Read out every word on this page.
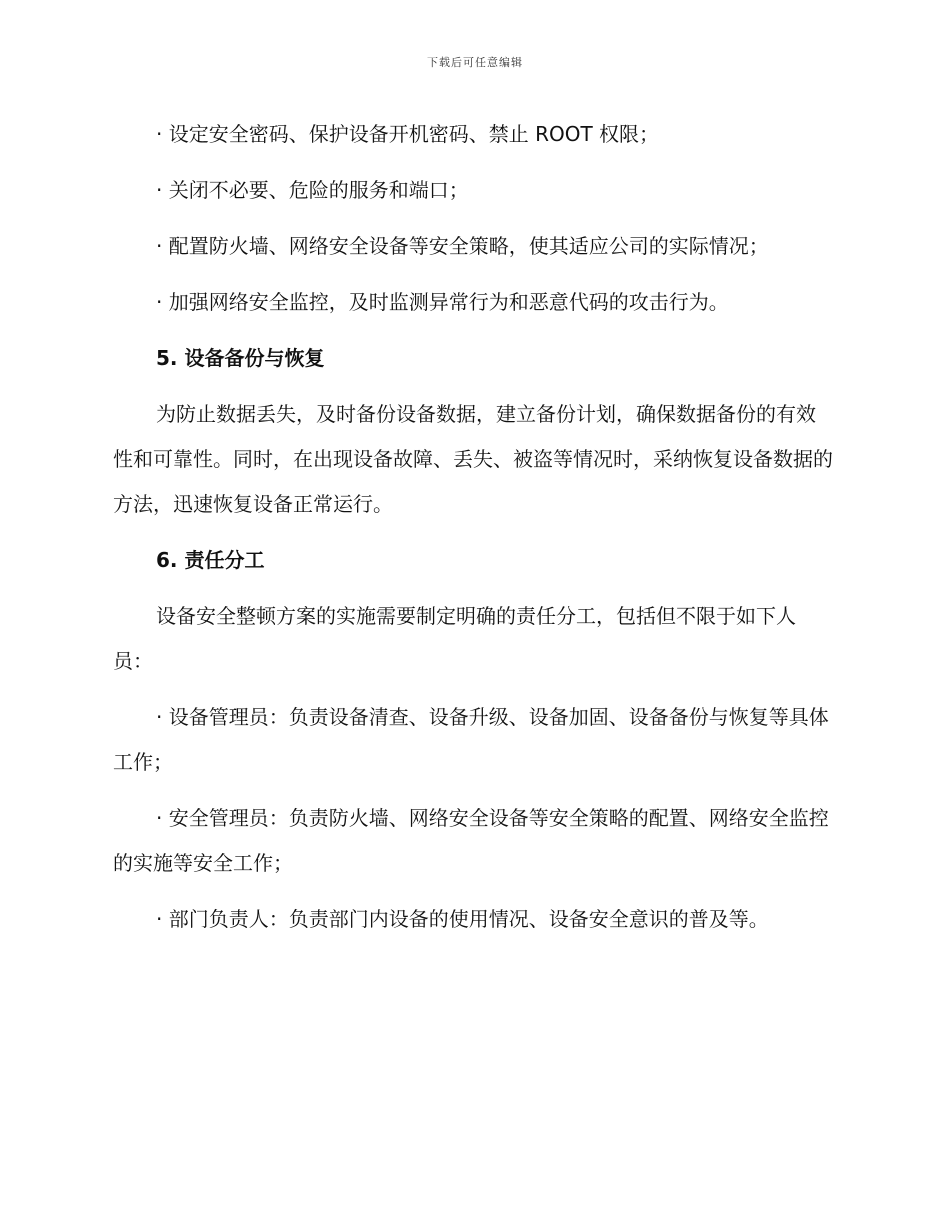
下载后可任意编辑

· 设定安全密码、保护设备开机密码、禁止 ROOT 权限；

· 关闭不必要、危险的服务和端口；

· 配置防火墙、网络安全设备等安全策略，使其适应公司的实际情况；

· 加强网络安全监控，及时监测异常行为和恶意代码的攻击行为。

5. 设备备份与恢复

为防止数据丢失，及时备份设备数据，建立备份计划，确保数据备份的有效性和可靠性。同时，在出现设备故障、丢失、被盗等情况时，采纳恢复设备数据的方法，迅速恢复设备正常运行。

6. 责任分工

设备安全整顿方案的实施需要制定明确的责任分工，包括但不限于如下人员：

· 设备管理员：负责设备清查、设备升级、设备加固、设备备份与恢复等具体工作；

· 安全管理员：负责防火墙、网络安全设备等安全策略的配置、网络安全监控的实施等安全工作；

· 部门负责人：负责部门内设备的使用情况、设备安全意识的普及等。
